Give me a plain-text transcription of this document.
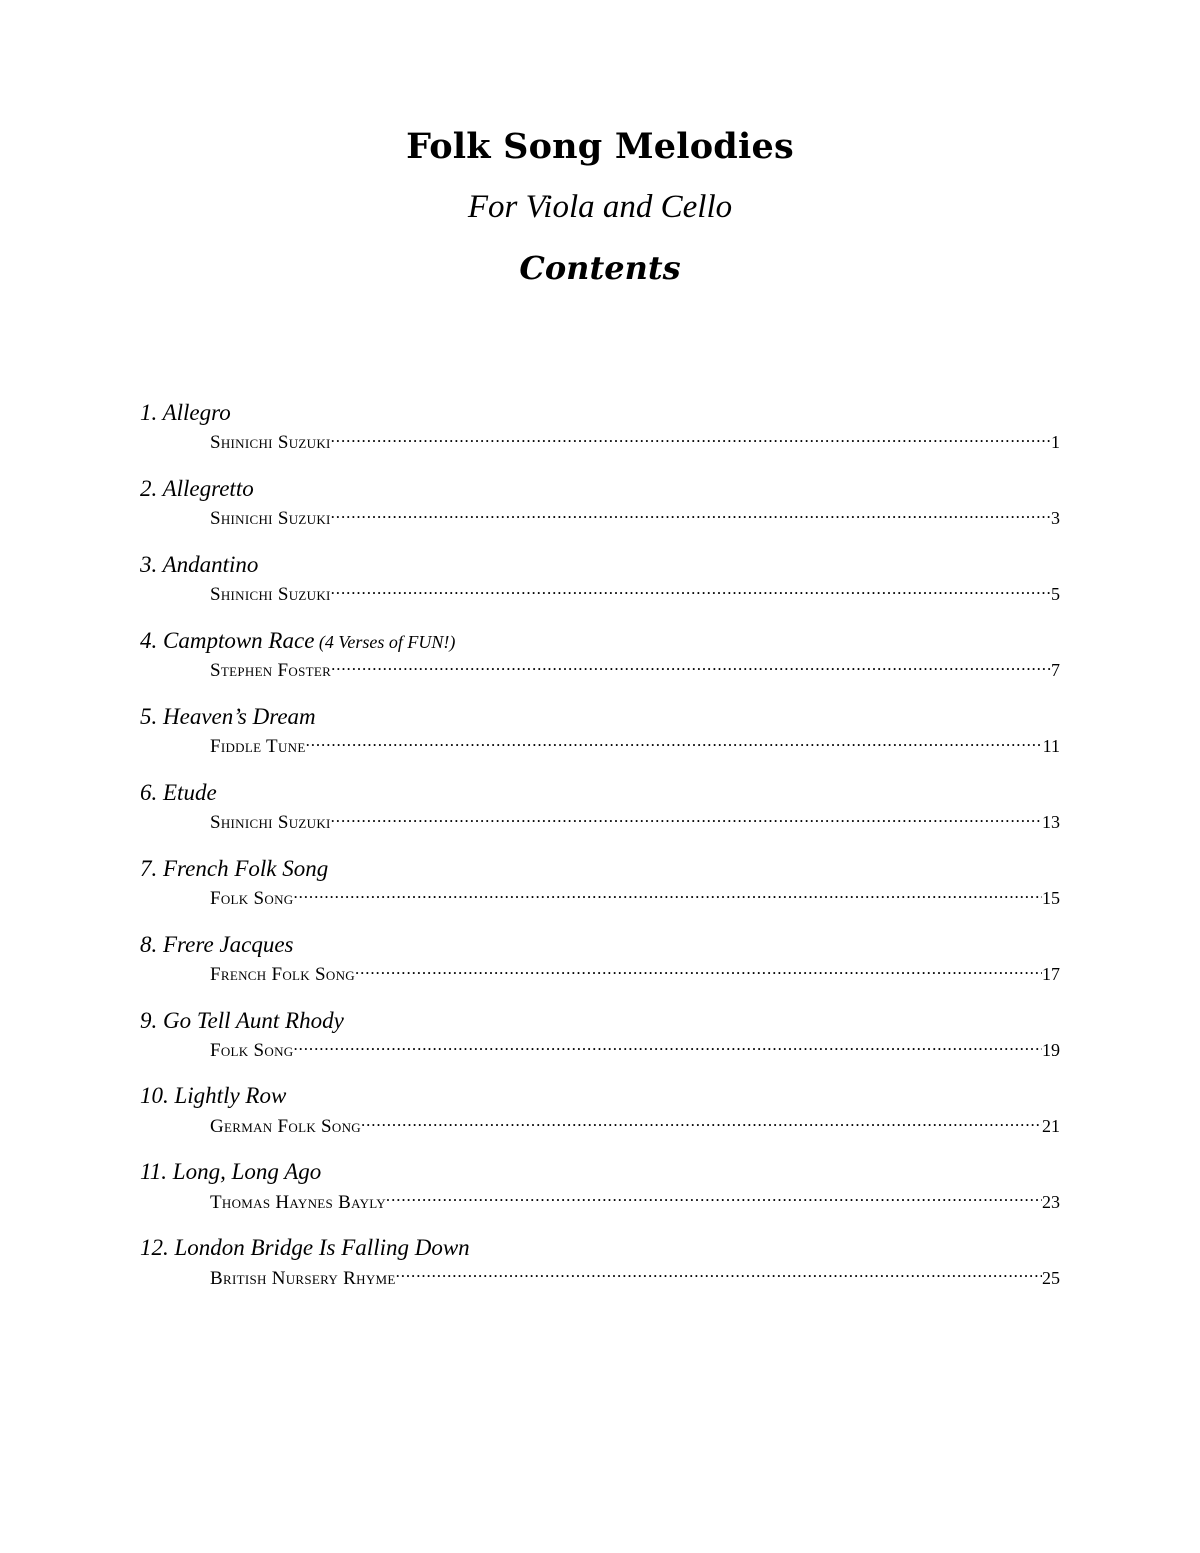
Folk Song Melodies
For Viola and Cello
Contents
1. Allegro
Shinichi Suzuki .....	1
2. Allegretto
Shinichi Suzuki .....	3
3. Andantino
Shinichi Suzuki .....	5
4. Camptown Race (4 Verses of FUN!)
Stephen Foster .....	7
5. Heaven’s Dream
Fiddle Tune .....	11
6. Etude
Shinichi Suzuki .....	13
7. French Folk Song
Folk Song .....	15
8. Frere Jacques
French Folk Song .....	17
9. Go Tell Aunt Rhody
Folk Song .....	19
10. Lightly Row
German Folk Song .....	21
11. Long, Long Ago
Thomas Haynes Bayly .....	23
12. London Bridge Is Falling Down
British Nursery Rhyme .....	25
